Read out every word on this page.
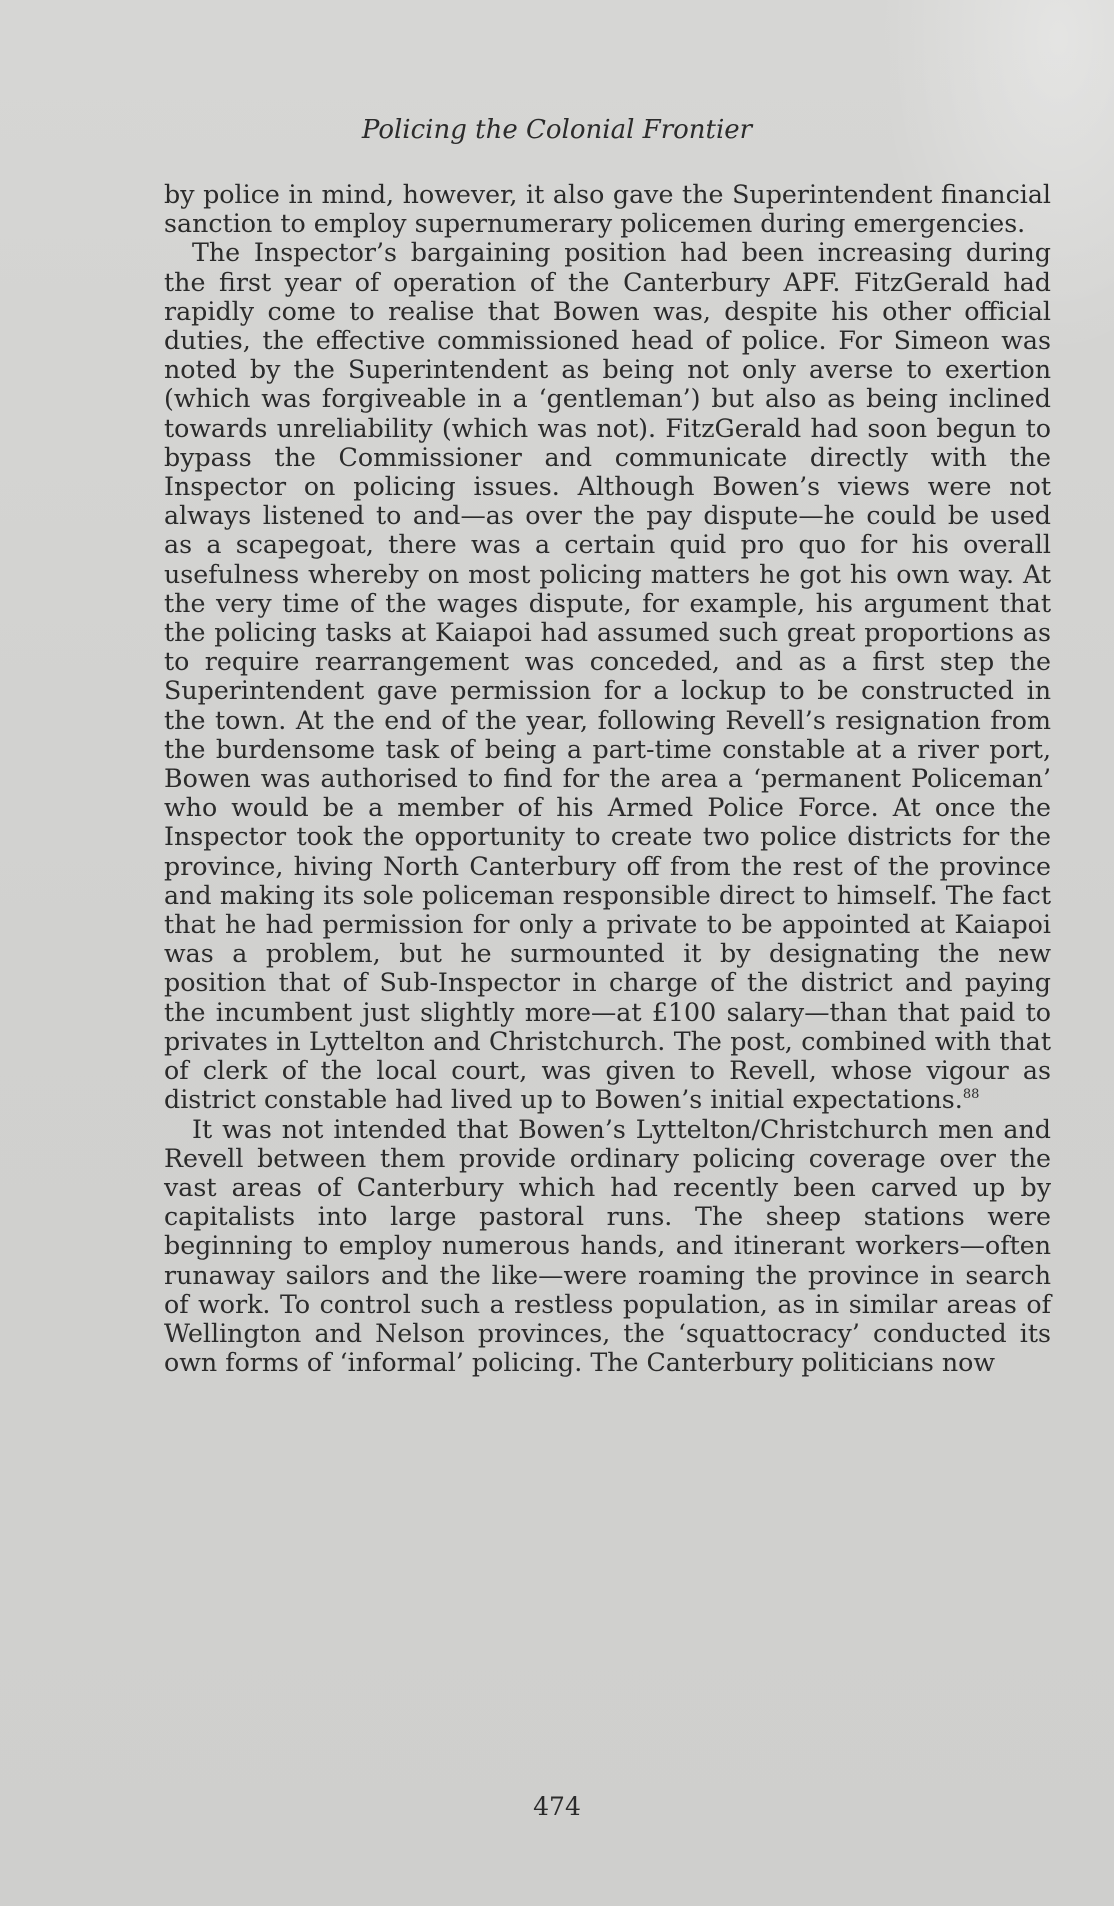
Policing the Colonial Frontier

by police in mind, however, it also gave the Superintendent financial sanction to employ supernumerary policemen during emergencies.

The Inspector’s bargaining position had been increasing during the first year of operation of the Canterbury APF. FitzGerald had rapidly come to realise that Bowen was, despite his other official duties, the effective commissioned head of police. For Simeon was noted by the Superintendent as being not only averse to exertion (which was forgiveable in a ‘gentleman’) but also as being inclined towards unreliability (which was not). FitzGerald had soon begun to bypass the Commissioner and communicate directly with the Inspector on policing issues. Although Bowen’s views were not always listened to and—as over the pay dispute—he could be used as a scapegoat, there was a certain quid pro quo for his overall usefulness whereby on most policing matters he got his own way. At the very time of the wages dispute, for example, his argument that the policing tasks at Kaiapoi had assumed such great proportions as to require rearrangement was conceded, and as a first step the Superintendent gave permission for a lockup to be constructed in the town. At the end of the year, following Revell’s resignation from the burdensome task of being a part-time constable at a river port, Bowen was authorised to find for the area a ‘permanent Policeman’ who would be a member of his Armed Police Force. At once the Inspector took the opportunity to create two police districts for the province, hiving North Canterbury off from the rest of the province and making its sole policeman responsible direct to himself. The fact that he had permission for only a private to be appointed at Kaiapoi was a problem, but he surmounted it by designating the new position that of Sub-Inspector in charge of the district and paying the incumbent just slightly more—at £100 salary—than that paid to privates in Lyttelton and Christchurch. The post, combined with that of clerk of the local court, was given to Revell, whose vigour as district constable had lived up to Bowen’s initial expectations.$^{88}$

It was not intended that Bowen’s Lyttelton/Christchurch men and Revell between them provide ordinary policing coverage over the vast areas of Canterbury which had recently been carved up by capitalists into large pastoral runs. The sheep stations were beginning to employ numerous hands, and itinerant workers—often runaway sailors and the like—were roaming the province in search of work. To control such a restless population, as in similar areas of Wellington and Nelson provinces, the ‘squattocracy’ conducted its own forms of ‘informal’ policing. The Canterbury politicians now

474
